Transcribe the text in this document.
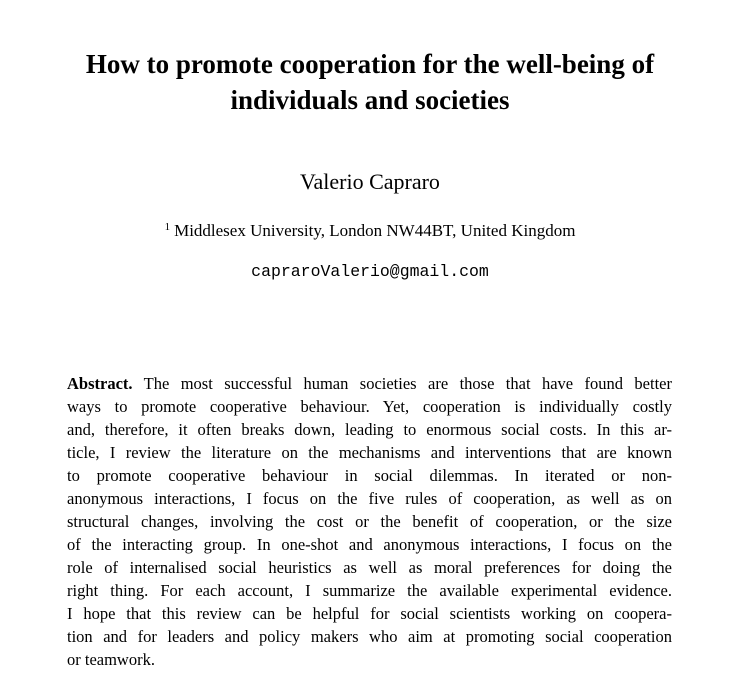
How to promote cooperation for the well-being of
individuals and societies
Valerio Capraro
$^1$ Middlesex University, London NW44BT, United Kingdom
capraroValerio@gmail.com
Abstract. The most successful human societies are those that have found better
ways to promote cooperative behaviour. Yet, cooperation is individually costly
and, therefore, it often breaks down, leading to enormous social costs. In this ar-
ticle, I review the literature on the mechanisms and interventions that are known
to promote cooperative behaviour in social dilemmas. In iterated or non-
anonymous interactions, I focus on the five rules of cooperation, as well as on
structural changes, involving the cost or the benefit of cooperation, or the size
of the interacting group. In one-shot and anonymous interactions, I focus on the
role of internalised social heuristics as well as moral preferences for doing the
right thing. For each account, I summarize the available experimental evidence.
I hope that this review can be helpful for social scientists working on coopera-
tion and for leaders and policy makers who aim at promoting social cooperation
or teamwork.
